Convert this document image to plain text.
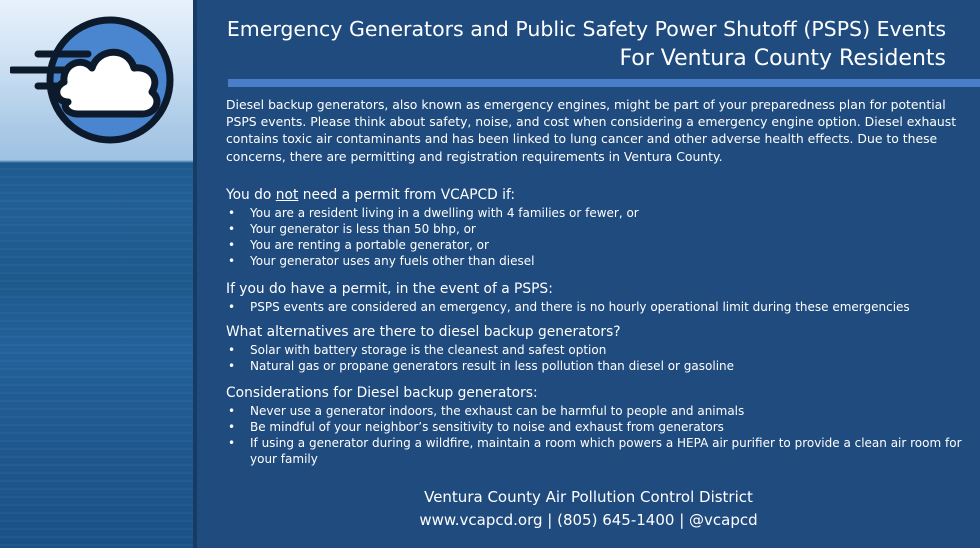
Emergency Generators and Public Safety Power Shutoff (PSPS) Events
For Ventura County Residents
Diesel backup generators, also known as emergency engines, might be part of your preparedness plan for potential PSPS events. Please think about safety, noise, and cost when considering a emergency engine option. Diesel exhaust contains toxic air contaminants and has been linked to lung cancer and other adverse health effects. Due to these concerns, there are permitting and registration requirements in Ventura County.
You do not need a permit from VCAPCD if:
• You are a resident living in a dwelling with 4 families or fewer, or
• Your generator is less than 50 bhp, or
• You are renting a portable generator, or
• Your generator uses any fuels other than diesel
If you do have a permit, in the event of a PSPS:
• PSPS events are considered an emergency, and there is no hourly operational limit during these emergencies
What alternatives are there to diesel backup generators?
• Solar with battery storage is the cleanest and safest option
• Natural gas or propane generators result in less pollution than diesel or gasoline
Considerations for Diesel backup generators:
• Never use a generator indoors, the exhaust can be harmful to people and animals
• Be mindful of your neighbor’s sensitivity to noise and exhaust from generators
• If using a generator during a wildfire, maintain a room which powers a HEPA air purifier to provide a clean air room for your family
Ventura County Air Pollution Control District
www.vcapcd.org | (805) 645-1400 | @vcapcd
